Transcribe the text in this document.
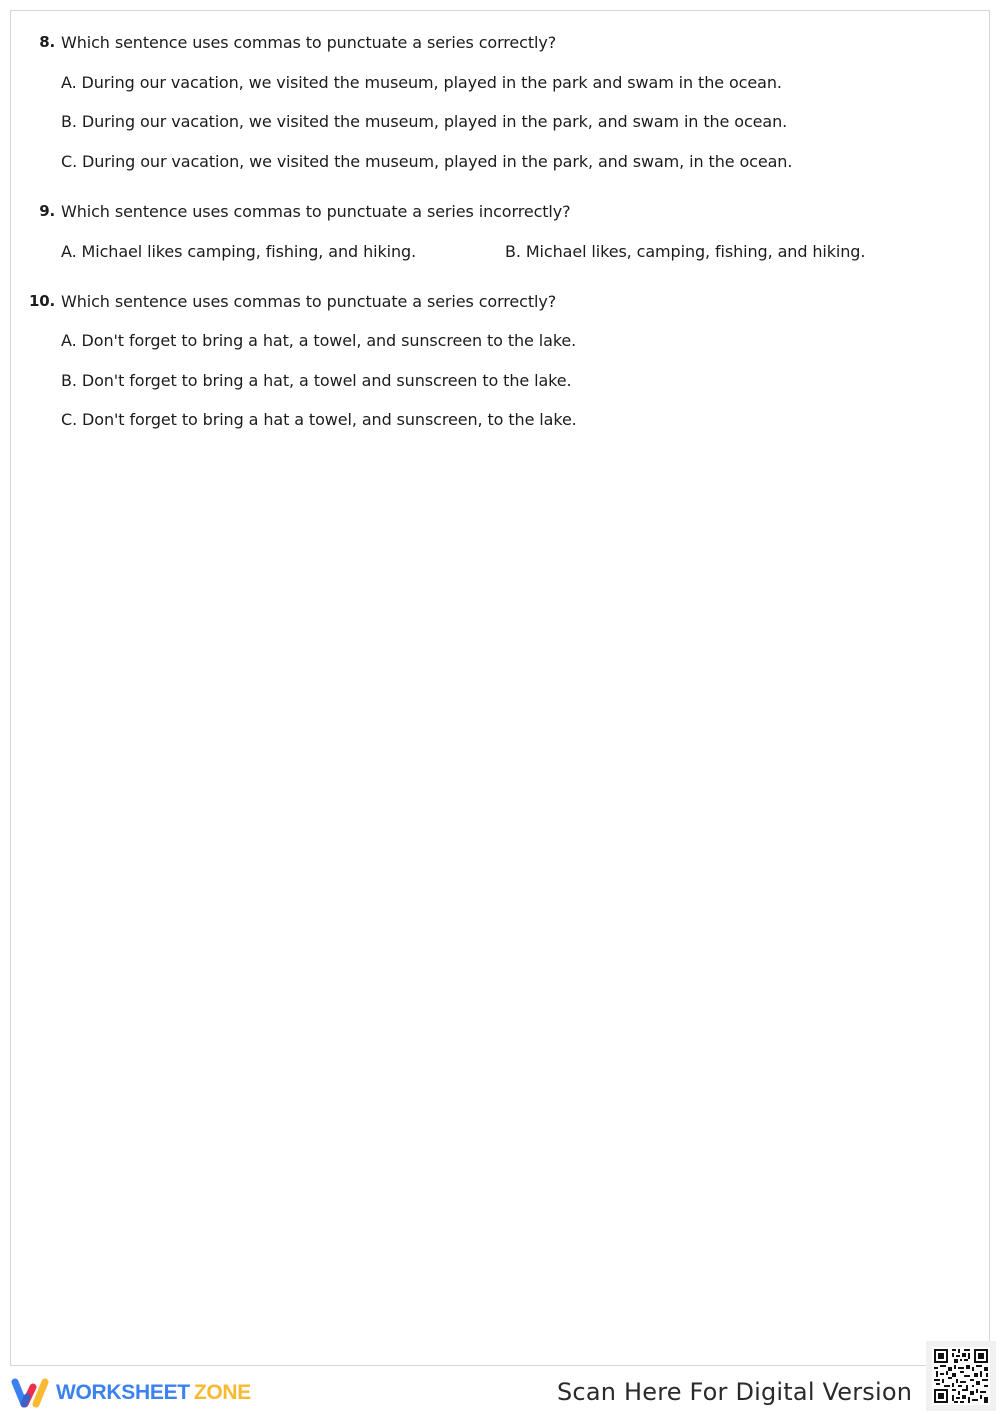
8. Which sentence uses commas to punctuate a series correctly?
A. During our vacation, we visited the museum, played in the park and swam in the ocean.
B. During our vacation, we visited the museum, played in the park, and swam in the ocean.
C. During our vacation, we visited the museum, played in the park, and swam, in the ocean.
9. Which sentence uses commas to punctuate a series incorrectly?
A. Michael likes camping, fishing, and hiking.	B. Michael likes, camping, fishing, and hiking.
10. Which sentence uses commas to punctuate a series correctly?
A. Don't forget to bring a hat, a towel, and sunscreen to the lake.
B. Don't forget to bring a hat, a towel and sunscreen to the lake.
C. Don't forget to bring a hat a towel, and sunscreen, to the lake.
WORKSHEET ZONE	Scan Here For Digital Version
